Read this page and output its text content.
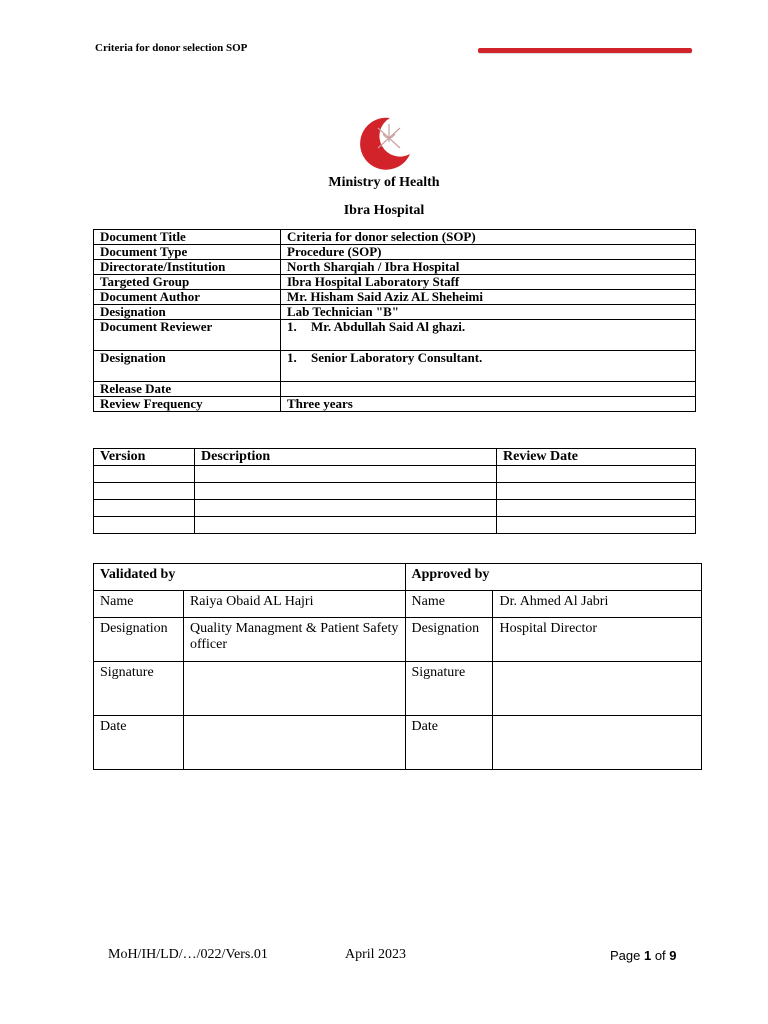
Criteria for donor selection SOP
Ministry of Health
Ibra Hospital
Document Title	Criteria for donor selection (SOP)
Document Type	Procedure (SOP)
Directorate/Institution	North Sharqiah / Ibra Hospital
Targeted Group	Ibra Hospital Laboratory Staff
Document Author	Mr. Hisham Said Aziz AL Sheheimi
Designation	Lab Technician "B"
Document Reviewer	1. Mr. Abdullah Said Al ghazi.
Designation	1. Senior Laboratory Consultant.
Release Date	
Review Frequency	Three years
Version	Description	Review Date

Validated by		Approved by	
Name	Raiya Obaid AL Hajri	Name	Dr. Ahmed Al Jabri
Designation	Quality Managment & Patient Safety officer	Designation	Hospital Director
Signature		Signature	
Date		Date	
MoH/IH/LD/…/022/Vers.01	April 2023	Page 1 of 9
